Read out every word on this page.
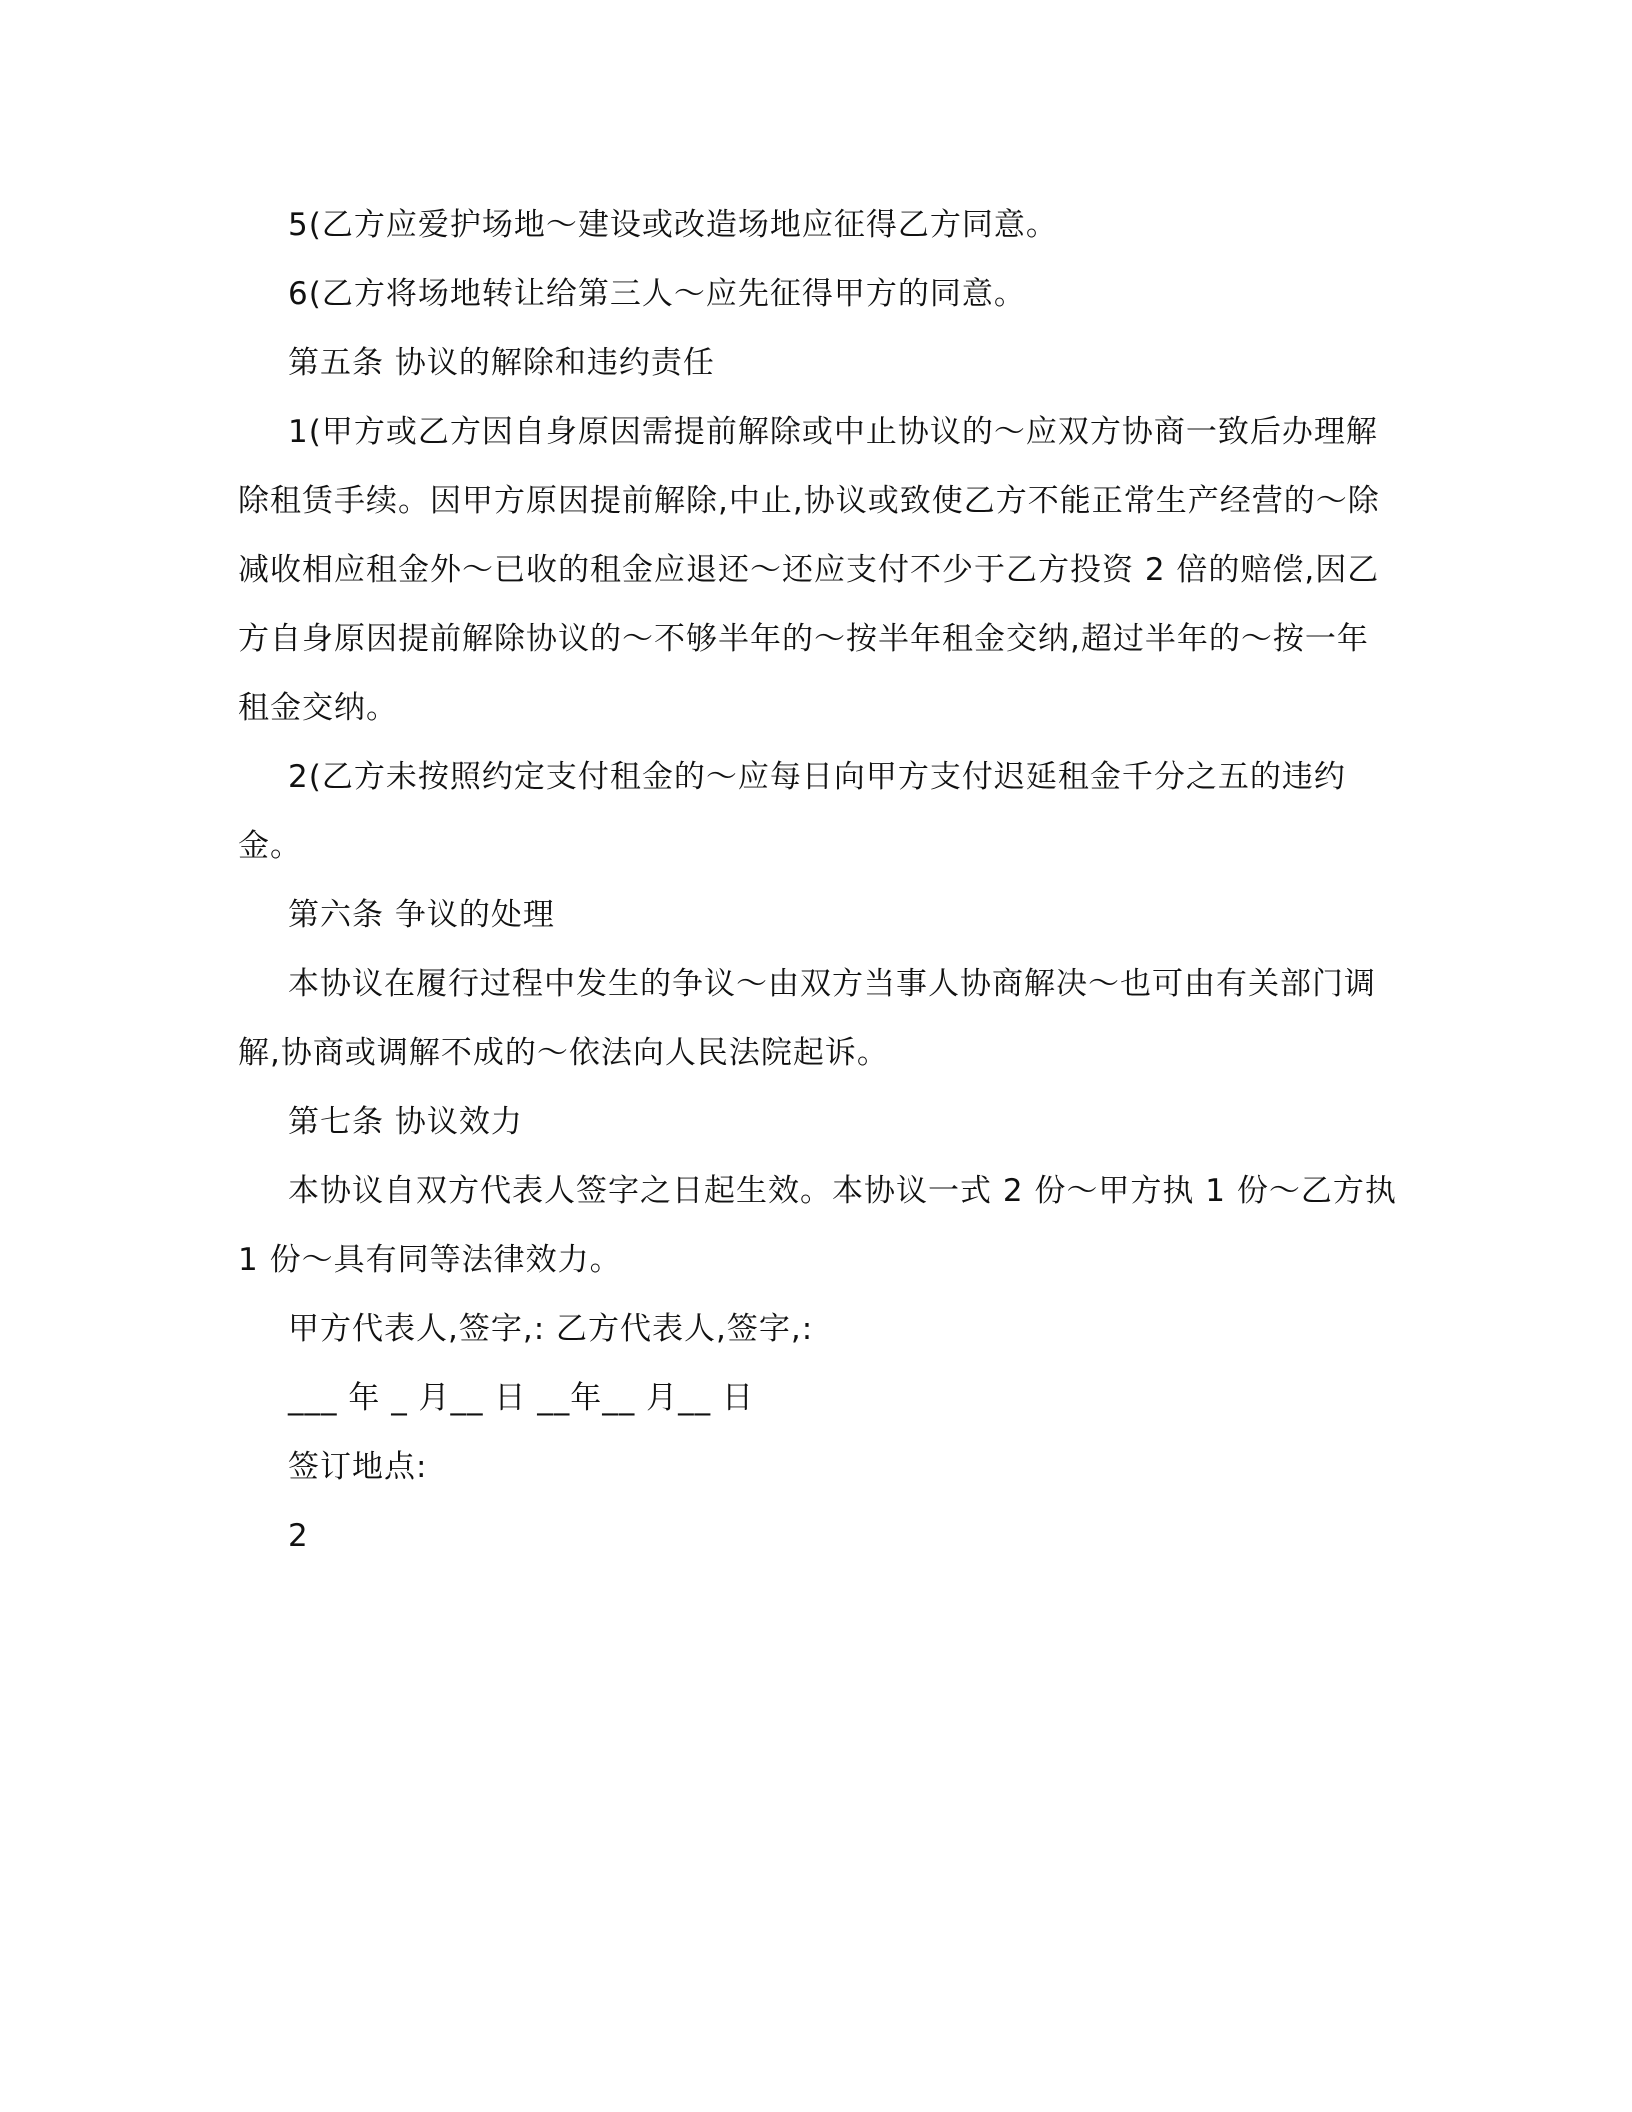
5(乙方应爱护场地～建设或改造场地应征得乙方同意。
6(乙方将场地转让给第三人～应先征得甲方的同意。
第五条 协议的解除和违约责任
1(甲方或乙方因自身原因需提前解除或中止协议的～应双方协商一致后办理解
除租赁手续。因甲方原因提前解除,中止,协议或致使乙方不能正常生产经营的～除
减收相应租金外～已收的租金应退还～还应支付不少于乙方投资 2 倍的赔偿,因乙
方自身原因提前解除协议的～不够半年的～按半年租金交纳,超过半年的～按一年
租金交纳。
2(乙方未按照约定支付租金的～应每日向甲方支付迟延租金千分之五的违约
金。
第六条 争议的处理
本协议在履行过程中发生的争议～由双方当事人协商解决～也可由有关部门调
解,协商或调解不成的～依法向人民法院起诉。
第七条 协议效力
本协议自双方代表人签字之日起生效。本协议一式 2 份～甲方执 1 份～乙方执
1 份～具有同等法律效力。
甲方代表人,签字,: 乙方代表人,签字,:
___ 年 _ 月__ 日 __年__ 月__ 日
签订地点:
2
